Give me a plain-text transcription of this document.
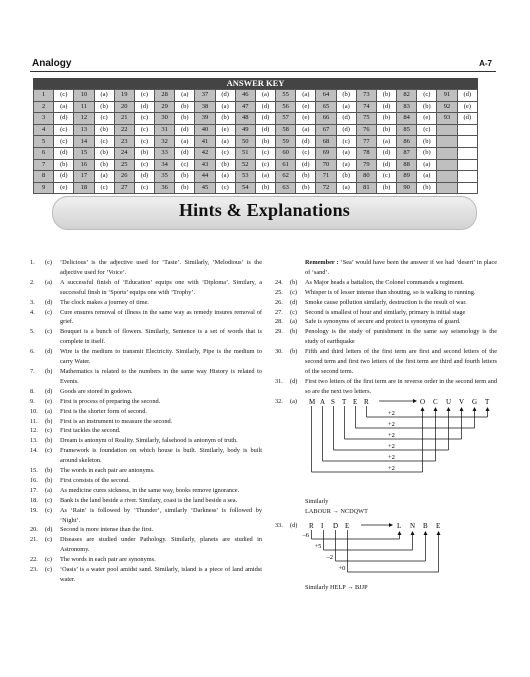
Analogy	A-7
ANSWER KEY
1	(c)	10	(a)	19	(c)	28	(a)	37	(d)	46	(a)	55	(a)	64	(b)	73	(b)	82	(c)	91	(d)
2	(a)	11	(b)	20	(d)	29	(b)	38	(a)	47	(d)	56	(e)	65	(a)	74	(d)	83	(b)	92	(e)
3	(d)	12	(c)	21	(c)	30	(b)	39	(b)	48	(d)	57	(e)	66	(d)	75	(b)	84	(e)	93	(d)
4	(c)	13	(b)	22	(c)	31	(d)	40	(e)	49	(d)	58	(a)	67	(d)	76	(b)	85	(c)		
5	(c)	14	(c)	23	(c)	32	(a)	41	(a)	50	(b)	59	(d)	68	(c)	77	(a)	86	(b)		
6	(d)	15	(b)	24	(b)	33	(d)	42	(c)	51	(c)	60	(c)	69	(a)	78	(d)	87	(b)		
7	(b)	16	(b)	25	(c)	34	(c)	43	(b)	52	(c)	61	(d)	70	(a)	79	(d)	88	(a)		
8	(d)	17	(a)	26	(d)	35	(b)	44	(a)	53	(a)	62	(b)	71	(b)	80	(c)	89	(a)		
9	(e)	18	(c)	27	(c)	36	(b)	45	(c)	54	(b)	63	(b)	72	(a)	81	(b)	90	(b)		
Hints & Explanations
1.	(c)	‘Delicious’ is the adjective used for ‘Taste’. Similarly, ‘Melodious’ is the adjective used for ‘Voice’.
2.	(a)	A successful finish of ‘Education’ equips one with ‘Diploma’. Similary, a successful finsh in ‘Sports’ equips one with ‘Trophy’.
3.	(d)	The clock makes a journey of time.
4.	(c)	Cure ensures removal of illness in the same way as remedy insures removal of grief.
5.	(c)	Bouquet is a bunch of flowers. Similarly, Sentence is a set of words that is complete in itself.
6.	(d)	Wire is the medium to transmit Electricity. Similarly, Pipe is the medium to carry Water.
7.	(b)	Mathematics is related to the numbers in the same way History is related to Events.
8.	(d)	Goods are stored in godown.
9.	(e)	First is process of preparing the second.
10.	(a)	First is the shorter form of second.
11.	(b)	First is an instrument to measure the second.
12.	(c)	First tackles the second.
13.	(b)	Dream is antonym of Reality. Similarly, falsehood is antonym of truth.
14.	(c)	Framework is foundation on which house is built. Similarly, body is built around skeleton.
15.	(b)	The words in each pair are antonyms.
16.	(b)	First consists of the second.
17.	(a)	As medicine cures sickness, in the same way, books remove ignorance.
18.	(c)	Bank is the land beside a river. Similary, coast is the land beside a sea.
19.	(c)	As ‘Rain’ is followed by ‘Thunder’, similarly ‘Darkness’ is followed by ‘Night’.
20.	(d)	Second is more intense than the first.
21.	(c)	Diseases are studied under Pathology. Similarly, planets are studied in Astronomy.
22.	(c)	The words in each pair are synonyms.
23.	(c)	‘Oasis’ is a water pool amidst sand. Similarly, island is a piece of land amidst water.
Remember : ‘Sea’ would have been the answer if we had ‘desert’ in place of ‘sand’.
24.	(b)	As Major heads a battalion, the Colonel commands a regiment.
25.	(c)	Whisper is of lesser intense than shouting, so is walking to running.
26.	(d)	Smoke cause pollution similarly, destruction is the result of war.
27.	(c)	Second is smallest of hour and similarly, primary is initial stage
28.	(a)	Safe is synonyms of secure and protect is synonyms of guard.
29.	(b)	Penology is the study of punishment in the same say seismology is the study of earthquake
30.	(b)	Fifth and third letters of the first term are first and second letters of the second term and first two letters of the first term are third and fourth letters of the second term.
31.	(d)	First two letters of the first term are in reverse order in the second term and so are the next two letters.
32.	(a)	M A S T E R	O C U V G T
+2
+2
+2
+2
+2
+2
Similarly
LABOUR → NCDQWT
33.	(d)	R I D E	L N B E
–6
+5
–2
+0
Similarly HELP → BJJP
